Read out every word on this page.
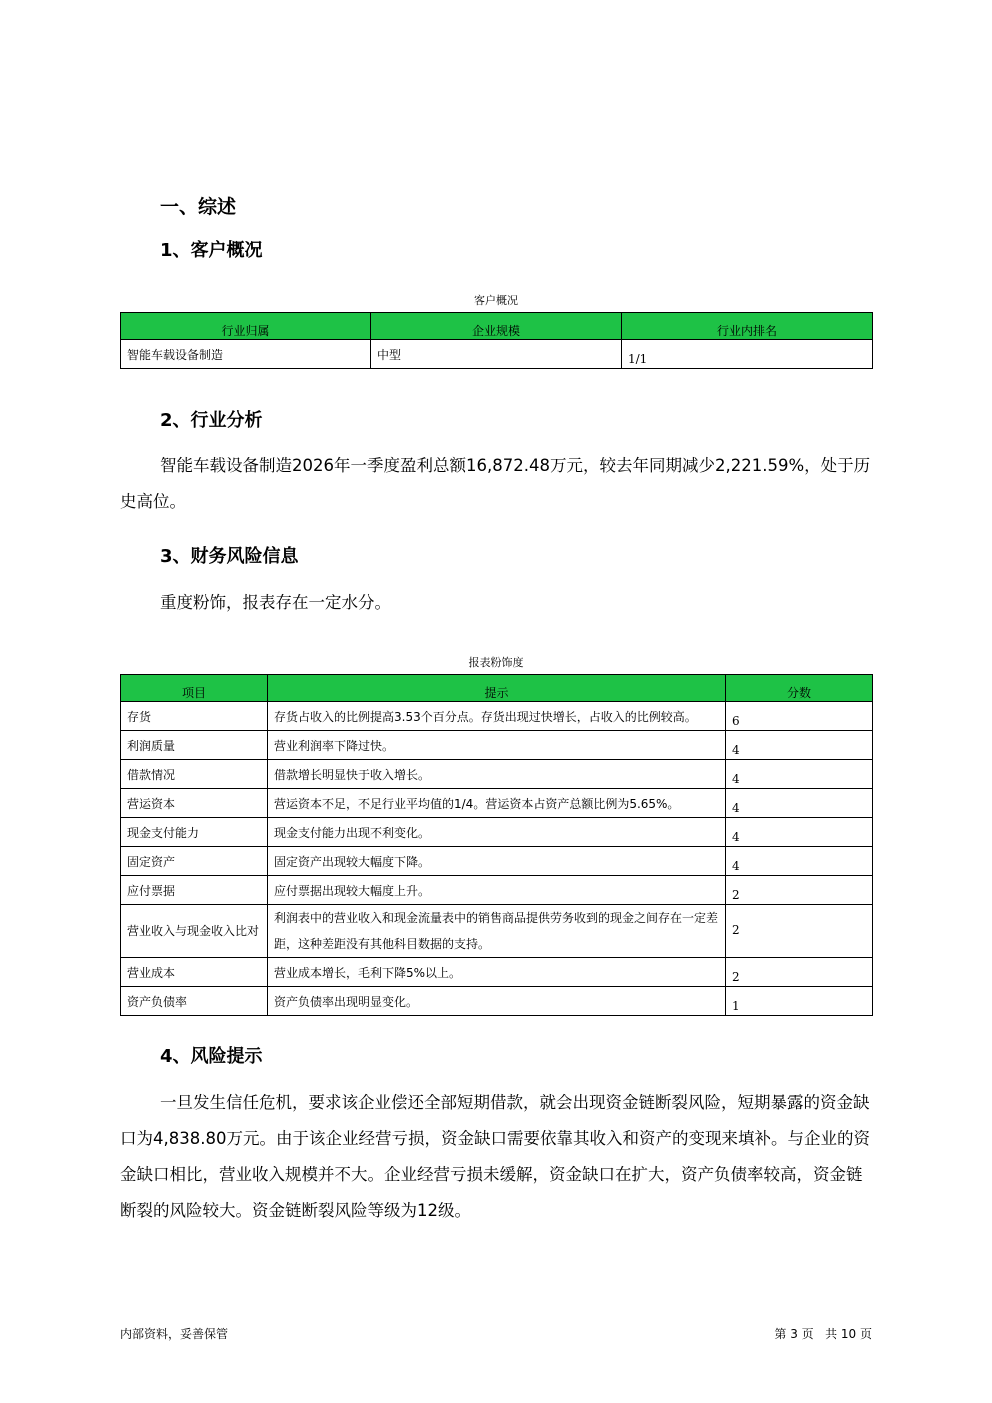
一、综述
1、客户概况
客户概况
行业归属	企业规模	行业内排名
智能车载设备制造	中型	1/1
2、行业分析
智能车载设备制造2026年一季度盈利总额16,872.48万元，较去年同期减少2,221.59%，处于历史高位。
3、财务风险信息
重度粉饰，报表存在一定水分。
报表粉饰度
项目	提示	分数
存货	存货占收入的比例提高3.53个百分点。存货出现过快增长，占收入的比例较高。	6
利润质量	营业利润率下降过快。	4
借款情况	借款增长明显快于收入增长。	4
营运资本	营运资本不足，不足行业平均值的1/4。营运资本占资产总额比例为5.65%。	4
现金支付能力	现金支付能力出现不利变化。	4
固定资产	固定资产出现较大幅度下降。	4
应付票据	应付票据出现较大幅度上升。	2
营业收入与现金收入比对	利润表中的营业收入和现金流量表中的销售商品提供劳务收到的现金之间存在一定差距，这种差距没有其他科目数据的支持。	2
营业成本	营业成本增长，毛利下降5%以上。	2
资产负债率	资产负债率出现明显变化。	1
4、风险提示
一旦发生信任危机，要求该企业偿还全部短期借款，就会出现资金链断裂风险，短期暴露的资金缺口为4,838.80万元。由于该企业经营亏损，资金缺口需要依靠其收入和资产的变现来填补。与企业的资金缺口相比，营业收入规模并不大。企业经营亏损未缓解，资金缺口在扩大，资产负债率较高，资金链断裂的风险较大。资金链断裂风险等级为12级。
内部资料，妥善保管	第 3 页   共 10 页
